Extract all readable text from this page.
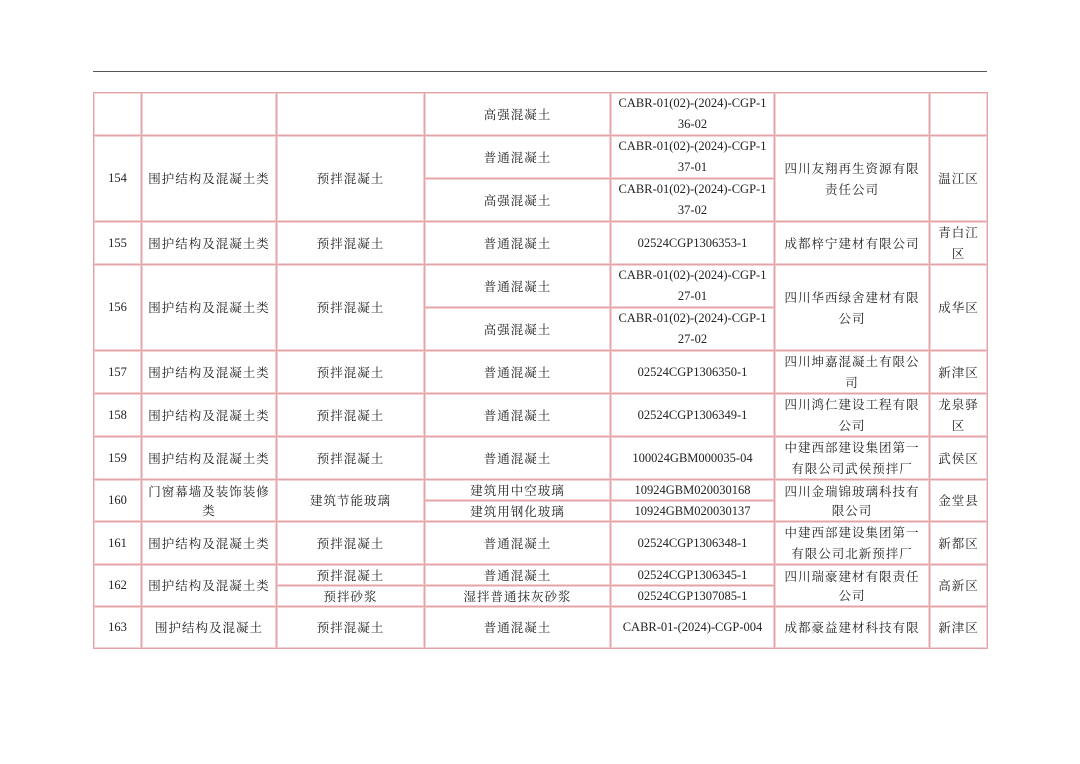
			高强混凝土	CABR-01(02)-(2024)-CGP-136-02		
154	围护结构及混凝土类	预拌混凝土	普通混凝土	CABR-01(02)-(2024)-CGP-137-01	四川友翔再生资源有限责任公司	温江区
			高强混凝土	CABR-01(02)-(2024)-CGP-137-02		
155	围护结构及混凝土类	预拌混凝土	普通混凝土	02524CGP1306353-1	成都梓宁建材有限公司	青白江区
156	围护结构及混凝土类	预拌混凝土	普通混凝土	CABR-01(02)-(2024)-CGP-127-01	四川华西绿舍建材有限公司	成华区
			高强混凝土	CABR-01(02)-(2024)-CGP-127-02		
157	围护结构及混凝土类	预拌混凝土	普通混凝土	02524CGP1306350-1	四川坤嘉混凝土有限公司	新津区
158	围护结构及混凝土类	预拌混凝土	普通混凝土	02524CGP1306349-1	四川鸿仁建设工程有限公司	龙泉驿区
159	围护结构及混凝土类	预拌混凝土	普通混凝土	100024GBM000035-04	中建西部建设集团第一有限公司武侯预拌厂	武侯区
160	门窗幕墙及装饰装修类	建筑节能玻璃	建筑用中空玻璃	10924GBM020030168	四川金瑞锦玻璃科技有限公司	金堂县
			建筑用钢化玻璃	10924GBM020030137		
161	围护结构及混凝土类	预拌混凝土	普通混凝土	02524CGP1306348-1	中建西部建设集团第一有限公司北新预拌厂	新都区
162	围护结构及混凝土类	预拌混凝土	普通混凝土	02524CGP1306345-1	四川瑞豪建材有限责任公司	高新区
		预拌砂浆	湿拌普通抹灰砂浆	02524CGP1307085-1		
163	围护结构及混凝土	预拌混凝土	普通混凝土	CABR-01-(2024)-CGP-004	成都豪益建材科技有限	新津区
